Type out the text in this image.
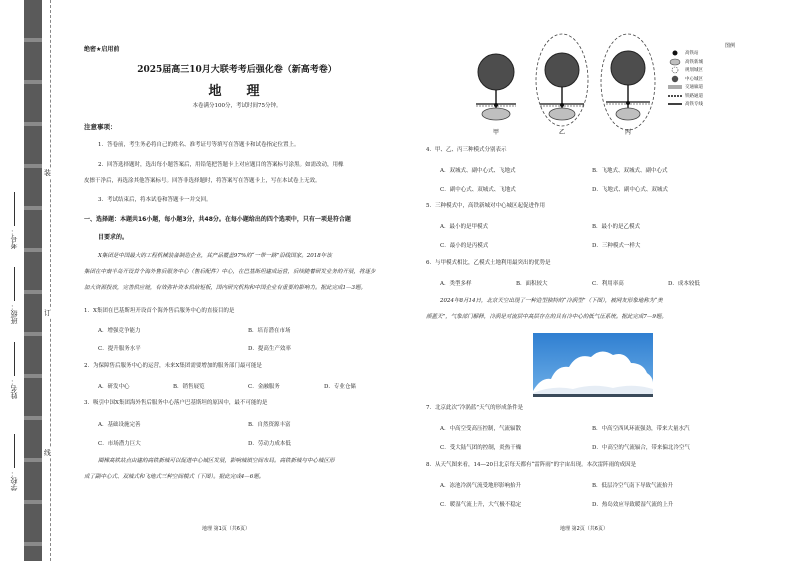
考号：
班级：
姓名：
学校：
装
订
线
绝密★启用前
2025届高三10月大联考考后强化卷（新高考卷）
地　理
本卷满分100分，考试时间75分钟。
注意事项：
1．答卷前，考生务必将自己的姓名、准考证号等填写在答题卡和试卷指定位置上。
2．回答选择题时，选出每小题答案后，用铅笔把答题卡上对应题目的答案标号涂黑。如需改动，用橡
皮擦干净后，再选涂其他答案标号。回答非选择题时，将答案写在答题卡上，写在本试卷上无效。
3．考试结束后，将本试卷和答题卡一并交回。
一、选择题：本题共16小题，每小题3分，共48分。在每小题给出的四个选项中，只有一项是符合题
目要求的。
X集团是中国最大的工程机械装备制造企业，其产品覆盖97%的“一带一路”沿线国家。2018年该
集团在中南半岛开设首个海外售后服务中心（售后配件）中心，在巴基斯坦建成运营，后续随着研发业务的开展，将逐步
加大资源投放，完善供应链，有效弥补资本供给短板，国内研究机构和中国企业有重要的影响力。据此完成1—3题。
1．X集团在巴基斯坦开设首个海外售后服务中心的直接目的是
A．增强竞争能力	B．培育潜在市场
C．提升服务水平	D．提高生产效率
2．为保障售后服务中心的运营，未来X集团需要增加的服务部门最可能是
A．研发中心	B．销售展览	C．金融服务	D．专业仓储
3．吸引中国X集团海外售后服务中心落户巴基斯坦的原因中，最不可能的是
A．基础设施完善	B．自然资源丰富
C．市场潜力巨大	D．劳动力成本低
圈梯高铁站点由建的高铁新城可以促进中心城区发展，影响城镇空间布局。高铁新城与中心城区形
成了副中心式、双城式和飞地式三种空间模式（下图）。据此完成4—6题。
地理 第1页（共6页）
甲	乙	丙
图例
高铁站
高铁新城
规划城区
中心城区
交通廊道
铁路通道
高铁专线
4．甲、乙、丙三种模式分别表示
A．双城式、副中心式、飞地式	B．飞地式、双城式、副中心式
C．副中心式、双城式、飞地式	D．飞地式、副中心式、双城式
5．三种模式中，高铁新城对中心城区起促进作用
A．最小的是甲模式	B．最小的是乙模式
C．最小的是丙模式	D．三种模式一样大
6．与甲模式相比，乙模式土地利用最突出的优势是
A．类型多样	B．面积较大	C．利用率高	D．成本较低
2024年8月14日，北京天空出现了一种造型独特的“冷涡型”（下图），被网友形象地称为“美
颜蓝天”，气象部门解释，冷涡是对流层中高层存在的具有冷中心的低气压系统。据此完成7—9题。
7．北京此次“冷涡蓝”天气的形成条件是
A．中高空受高压控制，气流辐散	B．中高空西风环流强劲，带来大量水汽
C．受大陆气团的控制，炎热干燥	D．中高空的气流辐合，带来偏北冷空气
8．从天气图来看，14—20日北京每天都有“雷阵雨”的宇宙出现。本次雷阵雨的成因是
A．冻池冷涡气流受地形影响抬升	B．低层冷空气南下导致气流抬升
C．暖湿气流上升，大气极不稳定	D．热岛效应导致暖湿气流的上升
地理 第2页（共6页）
